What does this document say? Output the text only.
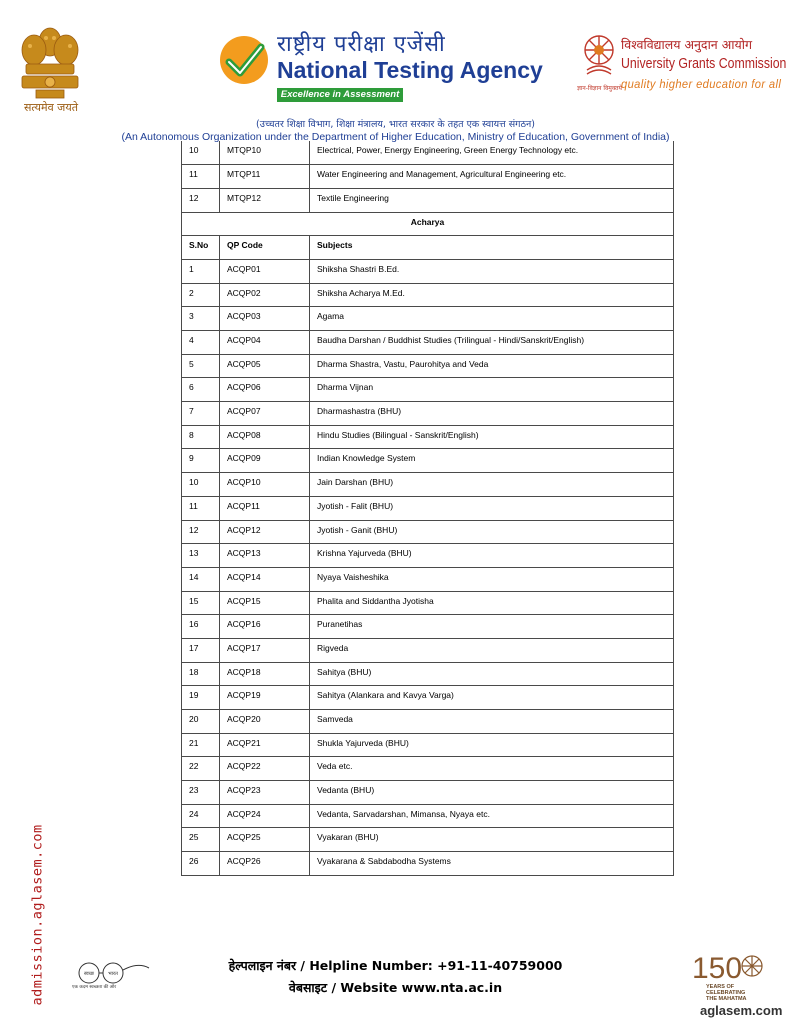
सत्यमेव जयते
राष्ट्रीय परीक्षा एजेंसी
National Testing Agency
Excellence in Assessment
ज्ञान-विज्ञान विमुक्तये
विश्वविद्यालय अनुदान आयोग
University Grants Commission
quality higher education for all
(उच्चतर शिक्षा विभाग, शिक्षा मंत्रालय, भारत सरकार के तहत एक स्वायत्त संगठन)
(An Autonomous Organization under the Department of Higher Education, Ministry of Education, Government of India)
10	MTQP10	Electrical, Power, Energy Engineering, Green Energy Technology etc.
11	MTQP11	Water Engineering and Management, Agricultural Engineering etc.
12	MTQP12	Textile Engineering
Acharya		
S.No	QP Code	Subjects
1	ACQP01	Shiksha Shastri B.Ed.
2	ACQP02	Shiksha Acharya M.Ed.
3	ACQP03	Agama
4	ACQP04	Baudha Darshan / Buddhist Studies (Trilingual - Hindi/Sanskrit/English)
5	ACQP05	Dharma Shastra, Vastu, Paurohitya and Veda
6	ACQP06	Dharma Vijnan
7	ACQP07	Dharmashastra (BHU)
8	ACQP08	Hindu Studies (Bilingual - Sanskrit/English)
9	ACQP09	Indian Knowledge System
10	ACQP10	Jain Darshan (BHU)
11	ACQP11	Jyotish - Falit (BHU)
12	ACQP12	Jyotish - Ganit (BHU)
13	ACQP13	Krishna Yajurveda (BHU)
14	ACQP14	Nyaya Vaisheshika
15	ACQP15	Phalita and Siddantha Jyotisha
16	ACQP16	Puranetihas
17	ACQP17	Rigveda
18	ACQP18	Sahitya (BHU)
19	ACQP19	Sahitya (Alankara and Kavya Varga)
20	ACQP20	Samveda
21	ACQP21	Shukla Yajurveda (BHU)
22	ACQP22	Veda etc.
23	ACQP23	Vedanta (BHU)
24	ACQP24	Vedanta, Sarvadarshan, Mimansa, Nyaya etc.
25	ACQP25	Vyakaran (BHU)
26	ACQP26	Vyakarana & Sabdabodha Systems
admission.aglasem.com	स्वच्छ	भारत
एक कदम स्वच्छता की ओर
हेल्पलाइन नंबर / Helpline Number: +91-11-40759000
वेबसाइट / Website www.nta.ac.in
150
YEARS OF
CELEBRATING
THE MAHATMA
aglasem.com
